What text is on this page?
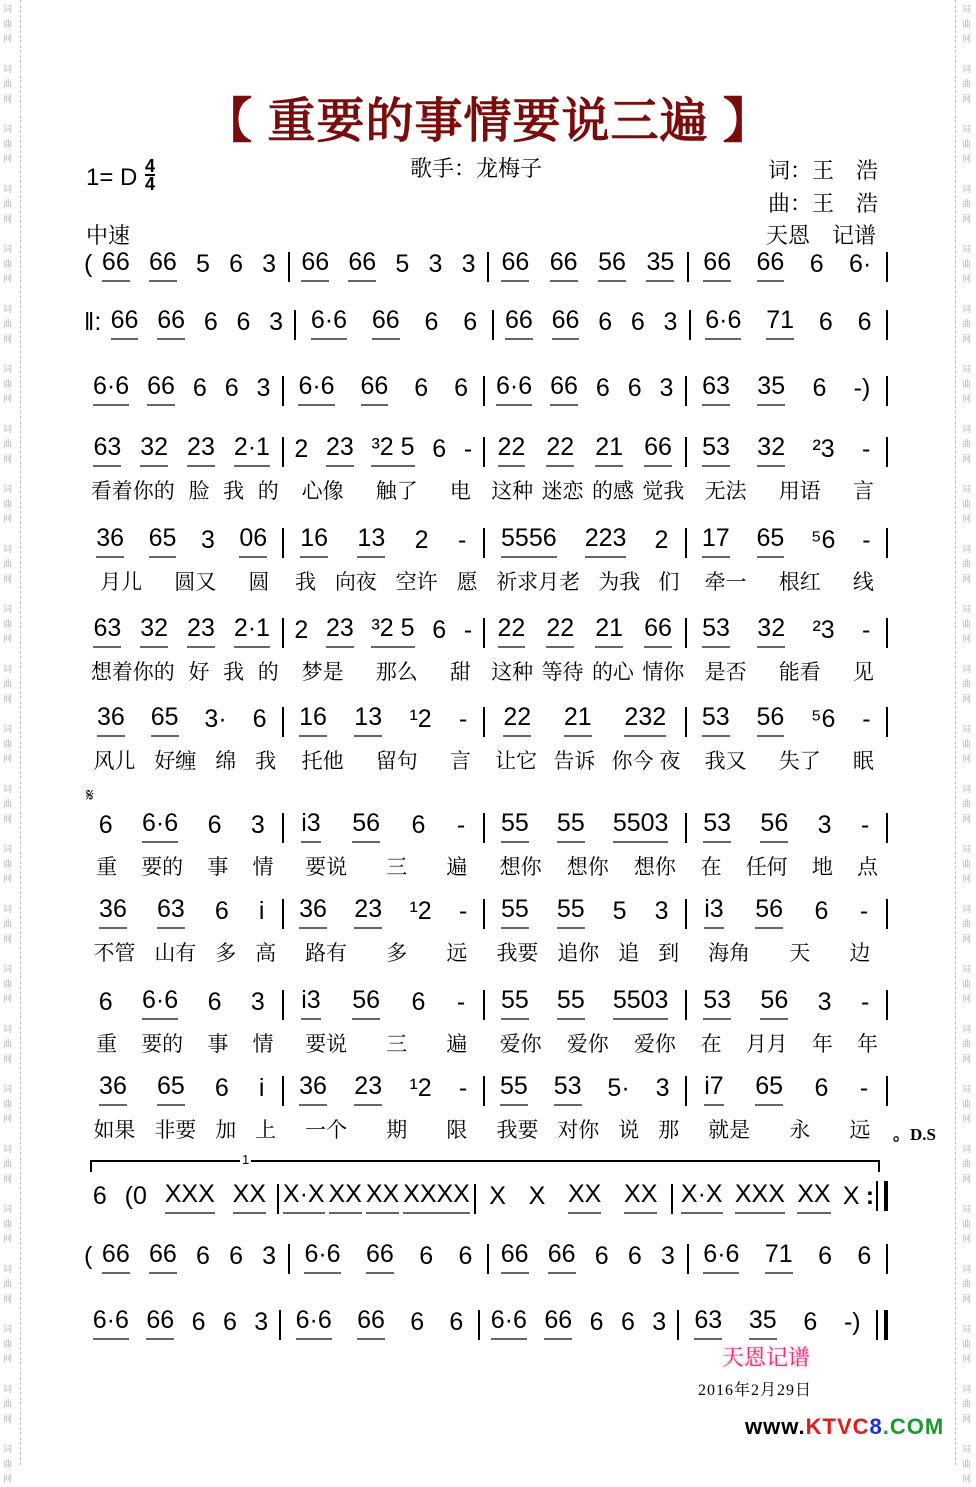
词曲网
词曲网
词曲网
词曲网
词曲网
词曲网
词曲网
词曲网
词曲网
词曲网
词曲网
词曲网
词曲网
词曲网
词曲网
词曲网
词曲网
词曲网
词曲网
词曲网
词曲网
词曲网
词曲网
词曲网
词曲网
词曲网
词曲网
词曲网
词曲网
词曲网
词曲网
词曲网
词曲网
词曲网
词曲网
词曲网
词曲网
词曲网
词曲网
词曲网
词曲网
词曲网
词曲网
词曲网
词曲网
词曲网
词曲网
词曲网
词曲网
词曲网
【 重要的事情要说三遍 】
1= D $\frac{4}{4}$	歌手：龙梅子	词：王　浩
曲：王　浩
天恩　记谱
中速
( 66 66 5 6 3 66 66 5 3 3 66 66 56 35 66 66 6 6·
‖: 66 66 6 6 3 6·6 66 6 6 66 66 6 6 3 6·6 71 6 6
6·6 66 6 6 3 6·6 66 6 6 6·6 66 6 6 3 63 35 6 -)
63 32 23 2·1 2 23 ³2 5 6 - 22 22 21 66 53 32 ²3 -
看着你的 脸 我 的 心像 触了 电 这种 迷恋 的感 觉我 无法 用语 言
36 65 3 06 16 13 2 - 5556 223 2 17 65 ⁵6 -
月儿 圆又 圆 我 向夜 空许 愿 祈求月老 为我 们 牵一 根红 线
63 32 23 2·1 2 23 ³2 5 6 - 22 22 21 66 53 32 ²3 -
想着你的 好 我 的 梦是 那么 甜 这种 等待 的心 情你 是否 能看 见
36 65 3· 6 16 13 ¹2 - 22 21 232 53 56 ⁵6 -
风儿 好缠 绵 我 托他 留句 言 让它 告诉 你今 夜 我又 失了 眠
6 6·6 6 3 i3 56 6 - 55 55 5503 53 56 3 -
重 要的 事 情 要说 三 遍 想你 想你 想你 在 任何 地 点
36 63 6 i 36 23 ¹2 - 55 55 5 3 i3 56 6 -
不管 山有 多 高 路有 多 远 我要 追你 追 到 海角 天 边
6 6·6 6 3 i3 56 6 - 55 55 5503 53 56 3 -
重 要的 事 情 要说 三 遍 爱你 爱你 爱你 在 月月 年 年
36 65 6 i 36 23 ¹2 - 55 53 5· 3 i7 65 6 -
如果 非要 加 上 一个 期 限 我要 对你 说 那 就是 永 远
6 (0 XXX XX X·X XX XX XXXX X X XX XX X·X XXX XX X :
( 66 66 6 6 3 6·6 66 6 6 66 66 6 6 3 6·6 71 6 6
6·6 66 6 6 3 6·6 66 6 6 6·6 66 6 6 3 63 35 6 -)
𝄋
。D.S
1
天恩记谱
2016年2月29日
www.KTVC8.COM
